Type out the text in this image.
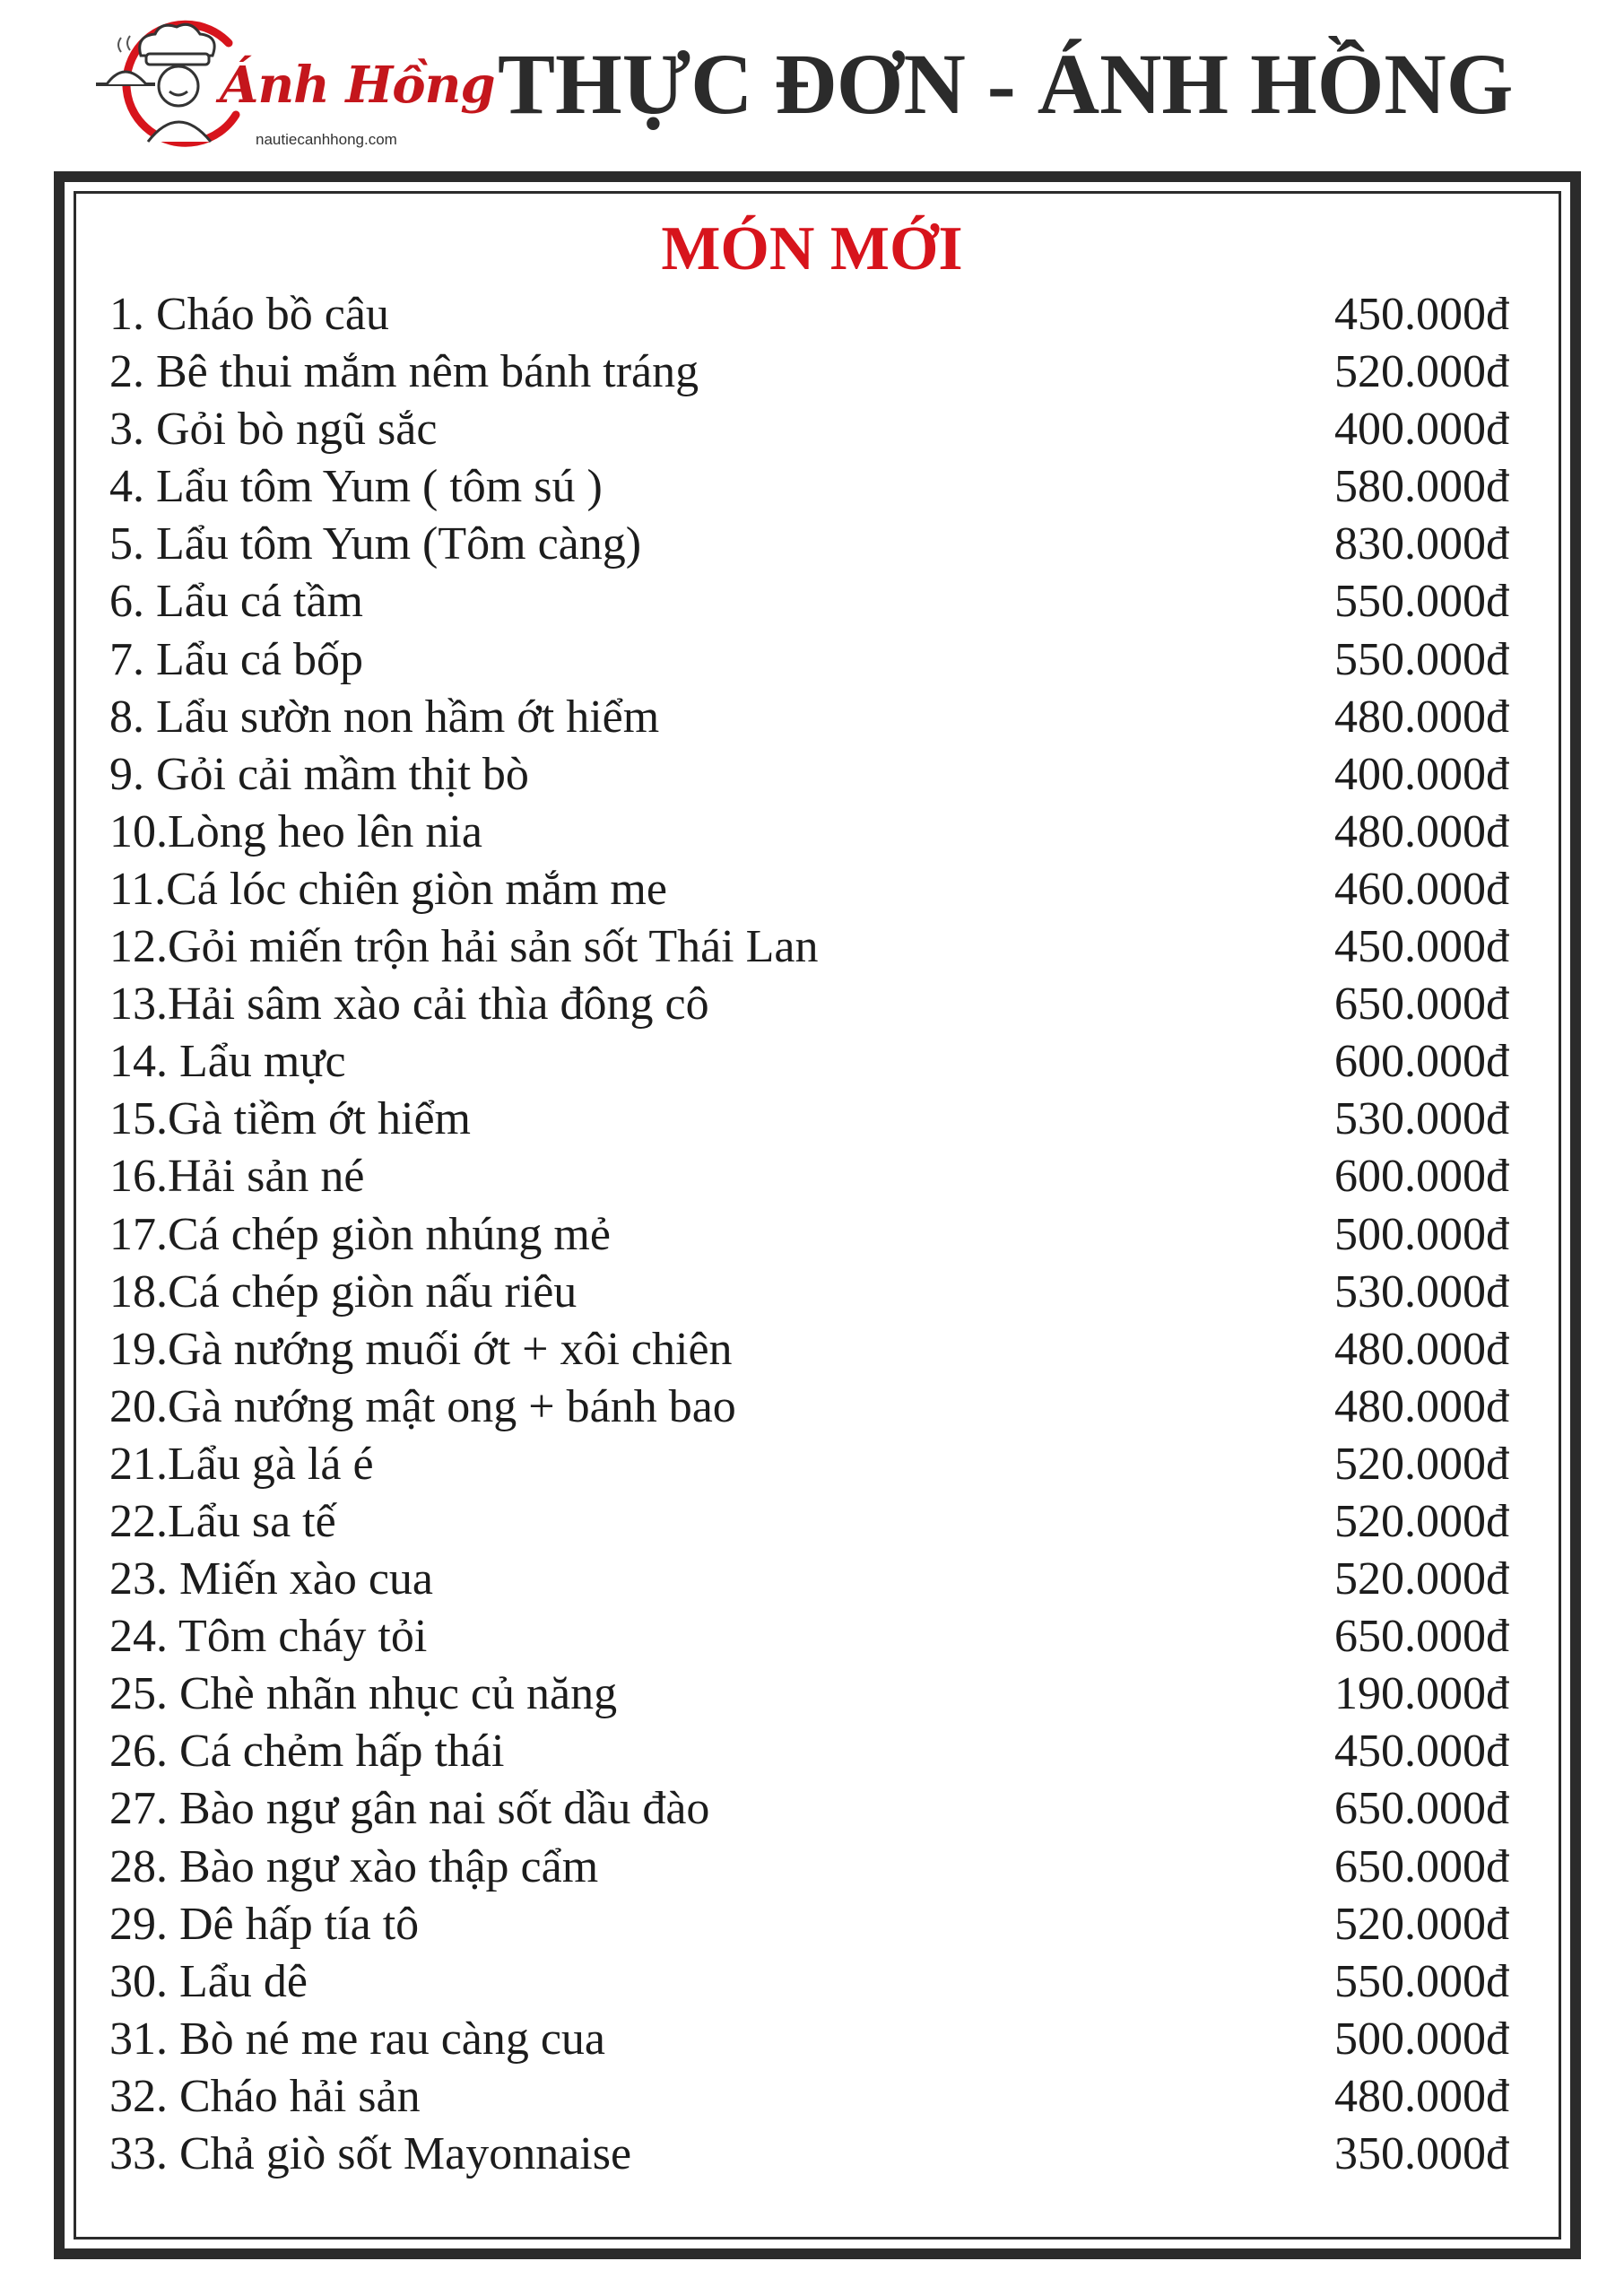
Ánh Hồng
nautiecanhhong.com
THỰC ĐƠN - ÁNH HỒNG
MÓN MỚI
1. Cháo bồ câu	450.000đ
2. Bê thui mắm nêm bánh tráng	520.000đ
3. Gỏi bò ngũ sắc	400.000đ
4. Lẩu tôm Yum ( tôm sú )	580.000đ
5. Lẩu tôm Yum (Tôm càng)	830.000đ
6. Lẩu cá tầm	550.000đ
7. Lẩu cá bốp	550.000đ
8. Lẩu sườn non hầm ớt hiểm	480.000đ
9. Gỏi cải mầm thịt bò	400.000đ
10.Lòng heo lên nia	480.000đ
11.Cá lóc chiên giòn mắm me	460.000đ
12.Gỏi miến trộn hải sản sốt Thái Lan	450.000đ
13.Hải sâm xào cải thìa đông cô	650.000đ
14. Lẩu mực	600.000đ
15.Gà tiềm ớt hiểm	530.000đ
16.Hải sản né	600.000đ
17.Cá chép giòn nhúng mẻ	500.000đ
18.Cá chép giòn nấu riêu	530.000đ
19.Gà nướng muối ớt + xôi chiên	480.000đ
20.Gà nướng mật ong + bánh bao	480.000đ
21.Lẩu gà lá é	520.000đ
22.Lẩu sa tế	520.000đ
23. Miến xào cua	520.000đ
24. Tôm cháy tỏi	650.000đ
25. Chè nhãn nhục củ năng	190.000đ
26. Cá chẻm hấp thái	450.000đ
27. Bào ngư gân nai sốt dầu đào	650.000đ
28. Bào ngư xào thập cẩm	650.000đ
29. Dê hấp tía tô	520.000đ
30. Lẩu dê	550.000đ
31. Bò né me rau càng cua	500.000đ
32. Cháo hải sản	480.000đ
33. Chả giò sốt Mayonnaise	350.000đ
